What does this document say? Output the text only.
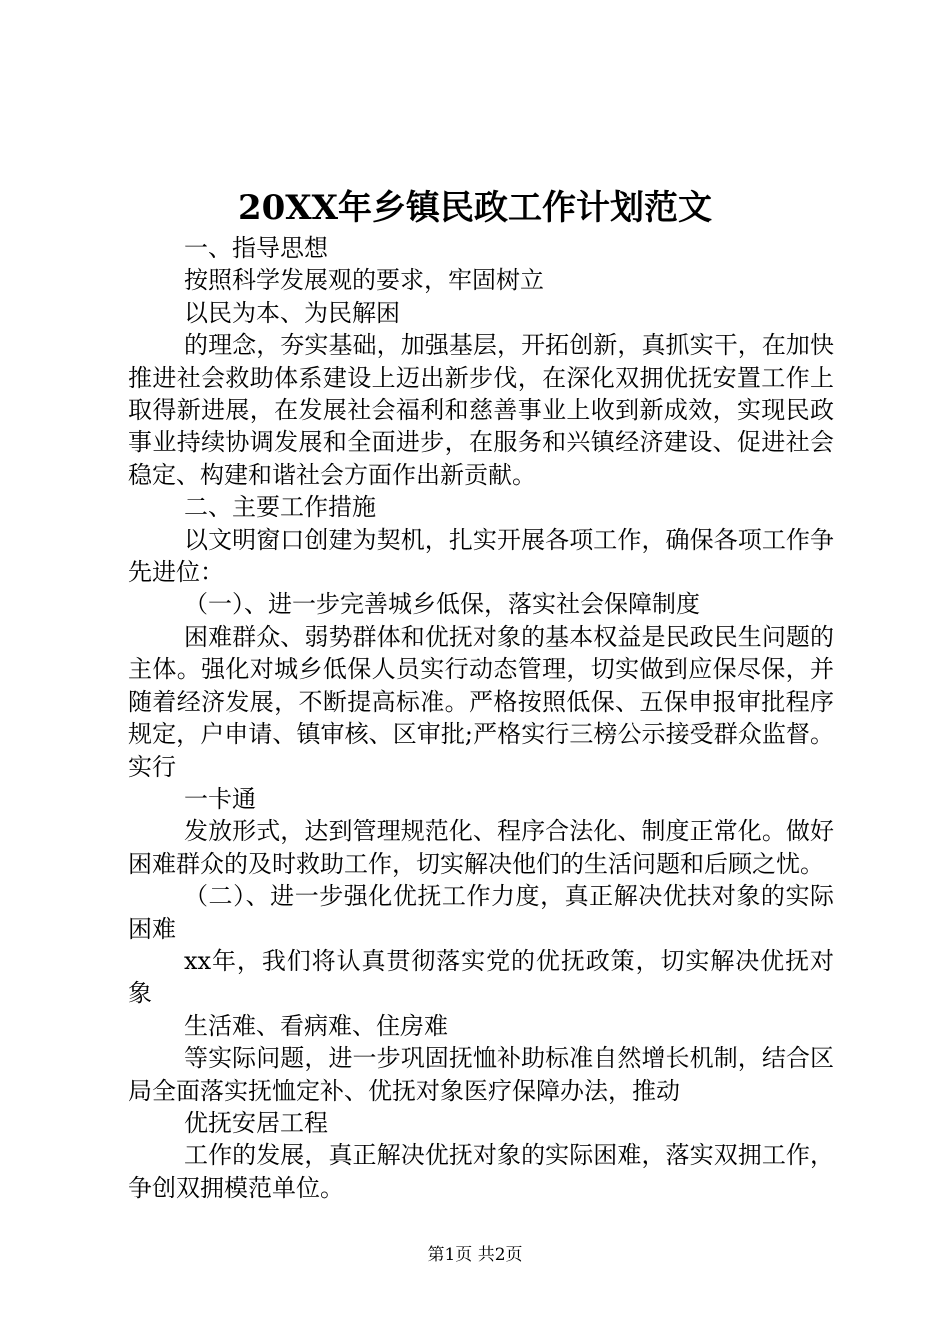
20XX年乡镇民政工作计划范文

一、指导思想

按照科学发展观的要求，牢固树立

以民为本、为民解困

的理念，夯实基础，加强基层，开拓创新，真抓实干，在加快推进社会救助体系建设上迈出新步伐，在深化双拥优抚安置工作上取得新进展，在发展社会福利和慈善事业上收到新成效，实现民政事业持续协调发展和全面进步，在服务和兴镇经济建设、促进社会稳定、构建和谐社会方面作出新贡献。

二、主要工作措施

以文明窗口创建为契机，扎实开展各项工作，确保各项工作争先进位：

（一）、进一步完善城乡低保，落实社会保障制度

困难群众、弱势群体和优抚对象的基本权益是民政民生问题的主体。强化对城乡低保人员实行动态管理，切实做到应保尽保，并随着经济发展，不断提高标准。严格按照低保、五保申报审批程序规定，户申请、镇审核、区审批;严格实行三榜公示接受群众监督。实行

一卡通

发放形式，达到管理规范化、程序合法化、制度正常化。做好困难群众的及时救助工作，切实解决他们的生活问题和后顾之忧。

（二）、进一步强化优抚工作力度，真正解决优扶对象的实际困难

xx年，我们将认真贯彻落实党的优抚政策，切实解决优抚对象

生活难、看病难、住房难

等实际问题，进一步巩固抚恤补助标准自然增长机制，结合区局全面落实抚恤定补、优抚对象医疗保障办法，推动

优抚安居工程

工作的发展，真正解决优抚对象的实际困难，落实双拥工作，争创双拥模范单位。

第1页 共2页
